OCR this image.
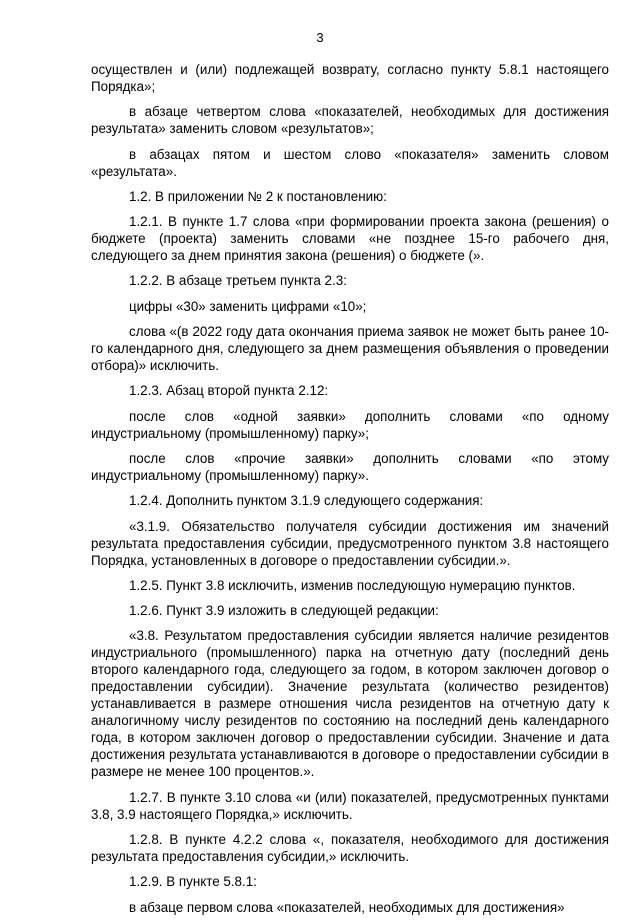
3

осуществлен и (или) подлежащей возврату, согласно пункту 5.8.1 настоящего Порядка»;

в абзаце четвертом слова «показателей, необходимых для достижения результата» заменить словом «результатов»;

в абзацах пятом и шестом слово «показателя» заменить словом «результата».

1.2. В приложении № 2 к постановлению:

1.2.1. В пункте 1.7 слова «при формировании проекта закона (решения) о бюджете (проекта) заменить словами «не позднее 15-го рабочего дня, следующего за днем принятия закона (решения) о бюджете (».

1.2.2. В абзаце третьем пункта 2.3:

цифры «30» заменить цифрами «10»;

слова «(в 2022 году дата окончания приема заявок не может быть ранее 10-го календарного дня, следующего за днем размещения объявления о проведении отбора)» исключить.

1.2.3. Абзац второй пункта 2.12:

после слов «одной заявки» дополнить словами «по одному индустриальному (промышленному) парку»;

после слов «прочие заявки» дополнить словами «по этому индустриальному (промышленному) парку».

1.2.4. Дополнить пунктом 3.1.9 следующего содержания:

«3.1.9. Обязательство получателя субсидии достижения им значений результата предоставления субсидии, предусмотренного пунктом 3.8 настоящего Порядка, установленных в договоре о предоставлении субсидии.».

1.2.5. Пункт 3.8 исключить, изменив последующую нумерацию пунктов.

1.2.6. Пункт 3.9 изложить в следующей редакции:

«3.8. Результатом предоставления субсидии является наличие резидентов индустриального (промышленного) парка на отчетную дату (последний день второго календарного года, следующего за годом, в котором заключен договор о предоставлении субсидии). Значение результата (количество резидентов) устанавливается в размере отношения числа резидентов на отчетную дату к аналогичному числу резидентов по состоянию на последний день календарного года, в котором заключен договор о предоставлении субсидии. Значение и дата достижения результата устанавливаются в договоре о предоставлении субсидии в размере не менее 100 процентов.».

1.2.7. В пункте 3.10 слова «и (или) показателей, предусмотренных пунктами 3.8, 3.9 настоящего Порядка,» исключить.

1.2.8. В пункте 4.2.2 слова «, показателя, необходимого для достижения результата предоставления субсидии,» исключить.

1.2.9. В пункте 5.8.1:

в абзаце первом слова «показателей, необходимых для достижения»
